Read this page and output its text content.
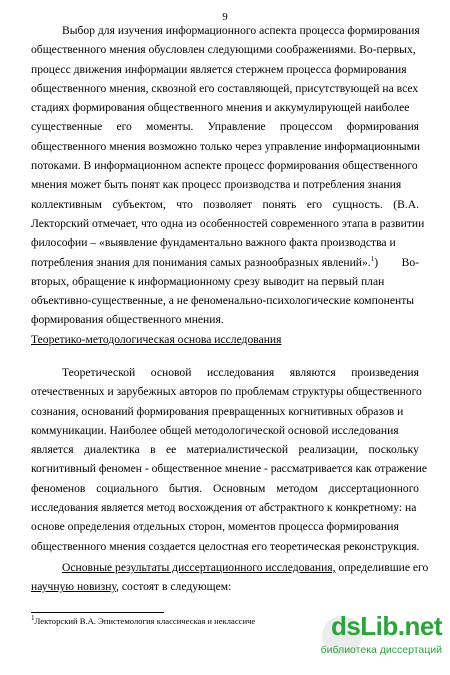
9
Выбор для изучения информационного аспекта процесса формирования
общественного мнения обусловлен следующими соображениями. Во-первых,
процесс движения информации является стержнем процесса формирования
общественного мнения, сквозной его составляющей, присутствующей на всех
стадиях формирования общественного мнения и аккумулирующей наиболее
существенные его моменты. Управление процессом формирования
общественного мнения возможно только через управление информационными
потоками. В информационном аспекте процесс формирования общественного
мнения может быть понят как процесс производства и потребления знания
коллективным субъектом, что позволяет понять его сущность. (В.А.
Лекторский отмечает, что одна из особенностей современного этапа в развитии
философии – «выявление фундаментально важного факта производства и
потребления знания для понимания самых разнообразных явлений».$^1$) Во-
вторых, обращение к информационному срезу выводит на первый план
объективно-существенные, а не феноменально-психологические компоненты
формирования общественного мнения.
Теоретико-методологическая основа исследования
Теоретической основой исследования являются произведения
отечественных и зарубежных авторов по проблемам структуры общественного
сознания, оснований формирования превращенных когнитивных образов и
коммуникации. Наиболее общей методологической основой исследования
является диалектика в ее материалистической реализации, поскольку
когнитивный феномен - общественное мнение - рассматривается как отражение
феноменов социального бытия. Основным методом диссертационного
исследования является метод восхождения от абстрактного к конкретному: на
основе определения отдельных сторон, моментов процесса формирования
общественного мнения создается целостная его теоретическая реконструкция.
Основные результаты диссертационного исследования, определившие его
научную новизну, состоят в следующем:
$^1$Лекторский В.А. Эпистемология классическая и неклассиче	dsLib.net
библиотека диссертаций
